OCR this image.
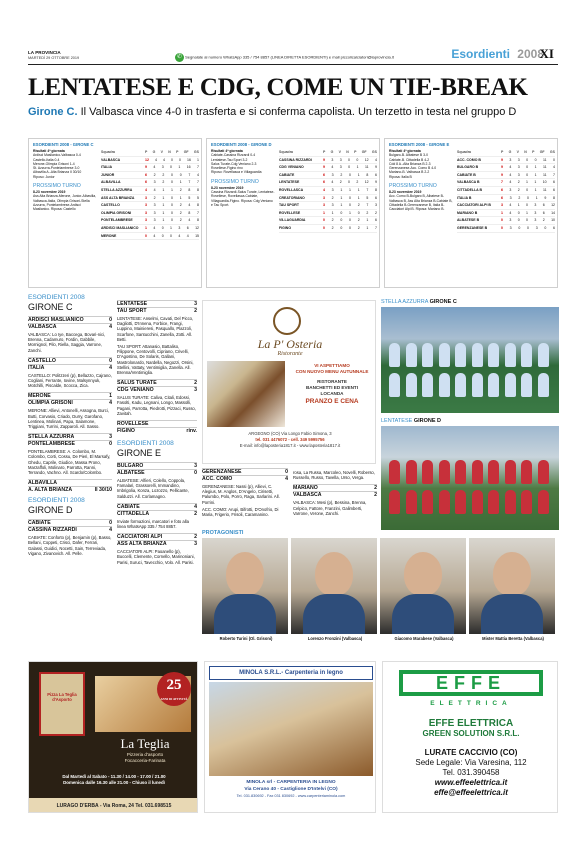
LA PROVINCIA
MARTEDÌ 29 OTTOBRE 2019	✆ Segnalate al numero WhatsApp 335 / 754 8857 (LINEA DIRETTA ESORDIENTI) e mail piccolicalciatori@laprovincia.it	Esordienti 2008
XI
LENTATESE E CDG, COME UN TIE-BREAK
Girone C. Il Valbasca vince 4-0 in trasferta e si conferma capolista. Un terzetto in testa nel gruppo D
ESORDIENTI 2008 - GIRONE C
Risultati 4ª giornata
Ardisci Maslianico-Valbasca 0-4
Castello-Italia 0-4
Merone-Olimpia Grisoni 1-4
St. Azzurra-Pontelambrese 3-0
Albavilla A.-Alta Brianza II 30/10
Riposo: Junior
PROSSIMO TURNO
8-23 novembre 2019
Ass Alta Brianza-Merone, Junior-Albavilla, Valbasca-Italia, Olimpia Grisoni-Stella Azzurra, Pontelambrese-Ardisci Maslianico. Riposa: Castello
Squadra	P G V N P GF GS
VALBASCA	12 4 4 0 0 16 1
ITALIA	9 4 3 0 1 16 7
JUNIOR	6 2 2 0 0 7 4
ALBAVILLA	6 3 2 0 1 7 7
STELLA AZZURRA	4 4 1 1 2 8 8
ASS ALTA BRIANZA	3 2 1 0 1 5 5
CASTELLO	3 3 1 0 2 4 8
OLIMPIA GRISONI	3 3 1 0 2 8 7
PONTELAMBRESE	3 3 1 0 2 4 8
ARDISCI MASLIANICO	1 4 0 1 3 6 12
MERONE	0 4 0 0 4 4 15
ESORDIENTI 2008 - GIRONE D
Risultati 4ª giornata
Cabiate-Cassina Rizzardi 0-4
Lentatese-Tau Sport 3-2
Salus Turate-Cdg Veniano 2-3
Rovellese-Figino rinv.
Riposo: Rovellasca e Villaguardia
PROSSIMO TURNO
8-23 novembre 2019
Cassina Rizzardi-Salus Turate, Lentatese-Rovellese, Rovellasca-Cabiate, Villaguardia-Figino. Riposa: Cdg Veniano e Tau Sport.
Squadra	P G V N P GF GS
CASSINA RIZZARDI	9 3 3 0 0 12 4
CDG VENIANO	9 4 3 0 1 11 9
CABIATE	6 3 2 0 1 8 6
LENTATESE	6 4 2 0 2 12 9
ROVELLASCA	4 3 1 1 1 7 8
CREATORIANO	3 2 1 0 1 5 6
TAU SPORT	3 3 1 0 2 7 3
ROVELLESE	1 1 0 1 0 2 2
VILLAGUARDIA	0 2 0 0 2 1 6
FIGINO	0 2 0 0 2 1 7
ESORDIENTI 2008 - GIRONE E
Risultati 4ª giornata
Bulgaro-B. Albatese B 3-0
Cabiate-B. Cittadella B 4-2
Cdd 8 A.-Alta Brianza B 2-3
Gerenzanese-Acc. Como B 4-0
Mariano-B. Valbasca B 2-2
Riposa: Italia B
PROSSIMO TURNO
8-23 novembre 2019
Acc. Como B-Bulgaro B, Albatese B-Valbasca B, Ass Alta Brianza B-Cabiate B, Cittadella B-Gerenzanese B, Italia B-Cacciatori Alpi B. Riposa: Mariano B.
Squadra	P G V N P GF GS
ACC. COMO B	9 3 3 0 0 11 0
BULGARO B	9 4 3 0 1 11 4
CABIATE B	9 4 3 0 1 11 7
VALBASCA B	7 4 2 1 1 10 6
CITTADELLA B	6 3 2 0 1 11 6
ITALIA B	6 3 2 0 1 9 8
CACCIATORI ALPI B	3 4 1 0 3 6 12
MARIANO B	1 4 0 1 3 6 14
ALBATESE B	0 3 0 0 3 2 10
GERENZANESE B	0 3 0 0 3 0 6
ESORDIENTI 2008
GIRONE C
ARDISCI MASLIANICO	0
VALBASCA	4
VALBASCA: Lo Iye, Baccega, Bovari-nici, Brenna, Cadamuro, Fordin, Gabbile, Mornignol, Pilo, Riella, Saggia, Varrone, Zanchi.
CASTELLO	0
ITALIA	4
CASTELLO: Politzzeri (p), Bellazzo, Cajrano, Cogliani, Ferrante, Iovine, Malsynnyuk, Motchilli, Piscalde, Scocca, Zica.
MERONE	1
OLIMPIA GRISONI	4
MERONE: Allievi, Antonelli, Assogna, Burci, Butti, Corvasio, Criado, Durry, Garofano, Lentinea, Molinari, Papa, Salamone, Triggiani, Turrini, Zapparoli. All. Sasso.
STELLA AZZURRA	3
PONTELAMBRESE	0
PONTELAMBRESE: A. Colombo, M. Colombo, Corti, Cossu, De Pieri, El Marsafy, Ghedu, Caprile, Giudice, Massa Prono, Marzaffoli, Molinaro, Parrotta, Ranni, Terrando, Vachno. All. Scardo/Colombo.
ALBAVILLA
A. ALTA BRIANZA	II 30/10
ESORDIENTI 2008
GIRONE D
CABIATE	0
CASSINA RIZZARDI	4
CABIATE: Conforto (p), Benjamin (p), Basso, Bellani, Coppeti, Crisci, Dafer, Ferrari, Galassi, Guidici, Nocetti, Sain, Terreviada, Vigano, Zivanovich. All. Pelle.
LENTATESE	3
TAU SPORT	2
LENTATESE: Anselmi, Cavati, Del Picco, Dagliotti, D'Innena, Forbice, Frangi, Luppino, Mainieresi, Pasquallo, Plazzoli, Scarfone, Santucchini, Zanella, Zotti. All. Betti.
TAU SPORT: Attanasio, Battaliso, Filippone, Centovolli, Cipriano, Crivelli, D'Agostino, De Solaris, Gallani, Mastrolonardo, Nardella, Negozzi, Orsini, Stellini, Vattaty, Ventimiglia, Zanella. All. Brenna/Ventimiglia.
SALUS TURATE	2
CDG VENIANO	3
SALUS TURATE: Caliva, Citali, Edossi, Fasolti, Kadu, Legnani, Longo, Massolli, Pagani, Parrotta, Piedrotti, Pizzaci, Russo, Zavitah.
ROVELLESE
FIGINO	rinv.
ESORDIENTI 2008
GIRONE E
BULGARO	3
ALBATESE	0
ALBATESE: Alfieri, Colello, Coppola, Famalari, Grassorelli, Immandino, Imbrigolia, Konza, Lozozzo, Pellicante, Salduzzi. All. Corlamagno.
CABIATE	4
CITTADELLA	2
Inviate formazioni, marcatori e foto alla linea WhatsApp 335 / 754 8857.
CACCIATORI ALPI	2
ASS ALTA BRIANZA	3
CACCIATORI ALPI: Paoanello (p), Buccelli, Clemente, Cornello, Marinoniani, Parisi, Suruci, Tavecchio, Volo. All. Parisi.
La P' Osteria
Ristorante
VI ASPETTIAMO
CON NUOVO MENU AUTUNNALE
RISTORANTE
BANCHETTI ED EVENTI
LOCANDA
PRANZO E CENA
ARGEGNO (CO) Via Longo Fabio Simona, 3
tel. 031 4476072 - cell. 349 5995756
E-mail: info@laposteria1817.it - www.laposteria1817.it
GERENZANESE	0
ACC. COMO	4
GERENZANESE: Nassi (p), Allievi, C. Alegius, M. Anglos, D'Angelo, Cirisetti, Palumbo, Polo, Porro, Raga, Sarlarini. All. Porrini.
ACC. COMO: Arupi, Bifrotti, D'Onofrio, Di Maria, Frigerio, Frisoli, Caramanino.
rosa, La Russa, Marcoleo, Novelli, Roberso, Russello, Russo, Tavella, Urso, Verga.
MARIANO	2
VALBASCA	2
VALBASCA: Mesi (p), Bessina, Brenna, Celpico, Fattore, Franzini, Galimberti, Varrone, Verone, Zanchi.
STELLA AZZURRA GIRONE C
LENTATESE GIRONE D
PROTAGONISTI
Pizza La Teglia d'Asporto
25
ANNI DI ATTIVITÀ
La Teglia
Pizzeria d'asporto
Focacceria-Farinata
Dal Martedì al Sabato - 11.30 / 14.00 - 17.00 / 21.00
Domenica dalle 16.30 alle 21.00 - Chiuso il lunedì
LURAGO D'ERBA - Via Roma, 24 Tel. 031.698515
MINOLA S.R.L.- Carpenteria in legno
MINOLA srl - CARPENTERIA IN LEGNO
Via Cerano 40 - Castiglione D'Intelvi (CO)
Tel. 031.830692 - Fax 031 830692 - www.carpenteriaminola.com
EFFE
ELETTRICA
EFFE ELETTRICA
GREEN SOLUTION S.R.L.
LURATE CACCIVIO (CO)
Sede Legale: Via Varesina, 112
Tel. 031.390458
www.effeelettrica.it
effe@effeelettrica.it
Roberto Turini (Ol. Grisoni)	Lorenzo Fronzini (Valbasca)	Giacomo Marabese (Valbasca)	Mister Mattia Beretta (Valbasca)
